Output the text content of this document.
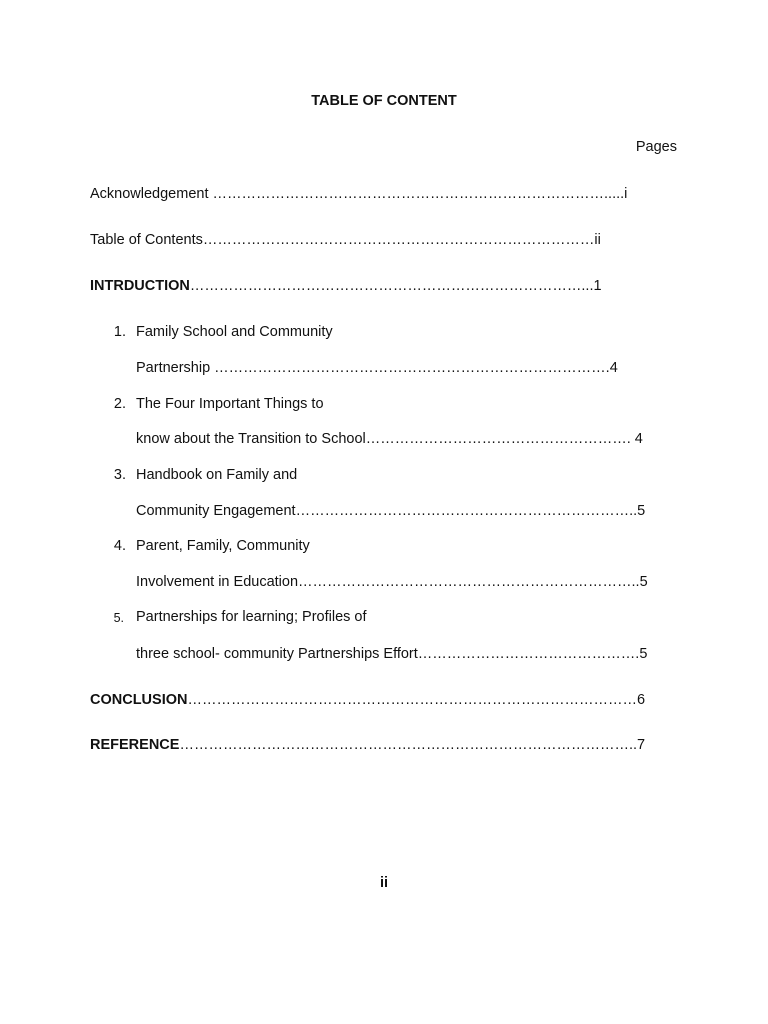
TABLE OF CONTENT
Pages
Acknowledgement ……………………………………………………………………….....i
Table of Contents………………………………………………………………………ii
INTRDUCTION………………………………………………………………………...1
1. Family School and Community
Partnership ……………………………………………………………………….4
2. The Four Important Things to
know about the Transition to School………………………………………………. 4
3. Handbook on Family and
Community Engagement……………………………………………………………..5
4. Parent, Family, Community
Involvement in Education……………………………………………………………..5
5. Partnerships for learning; Profiles of
three school- community Partnerships Effort……………………………………….5
CONCLUSION…………………………………………………………………………………6
REFERENCE…………………………………………………………………………………..7
ii
